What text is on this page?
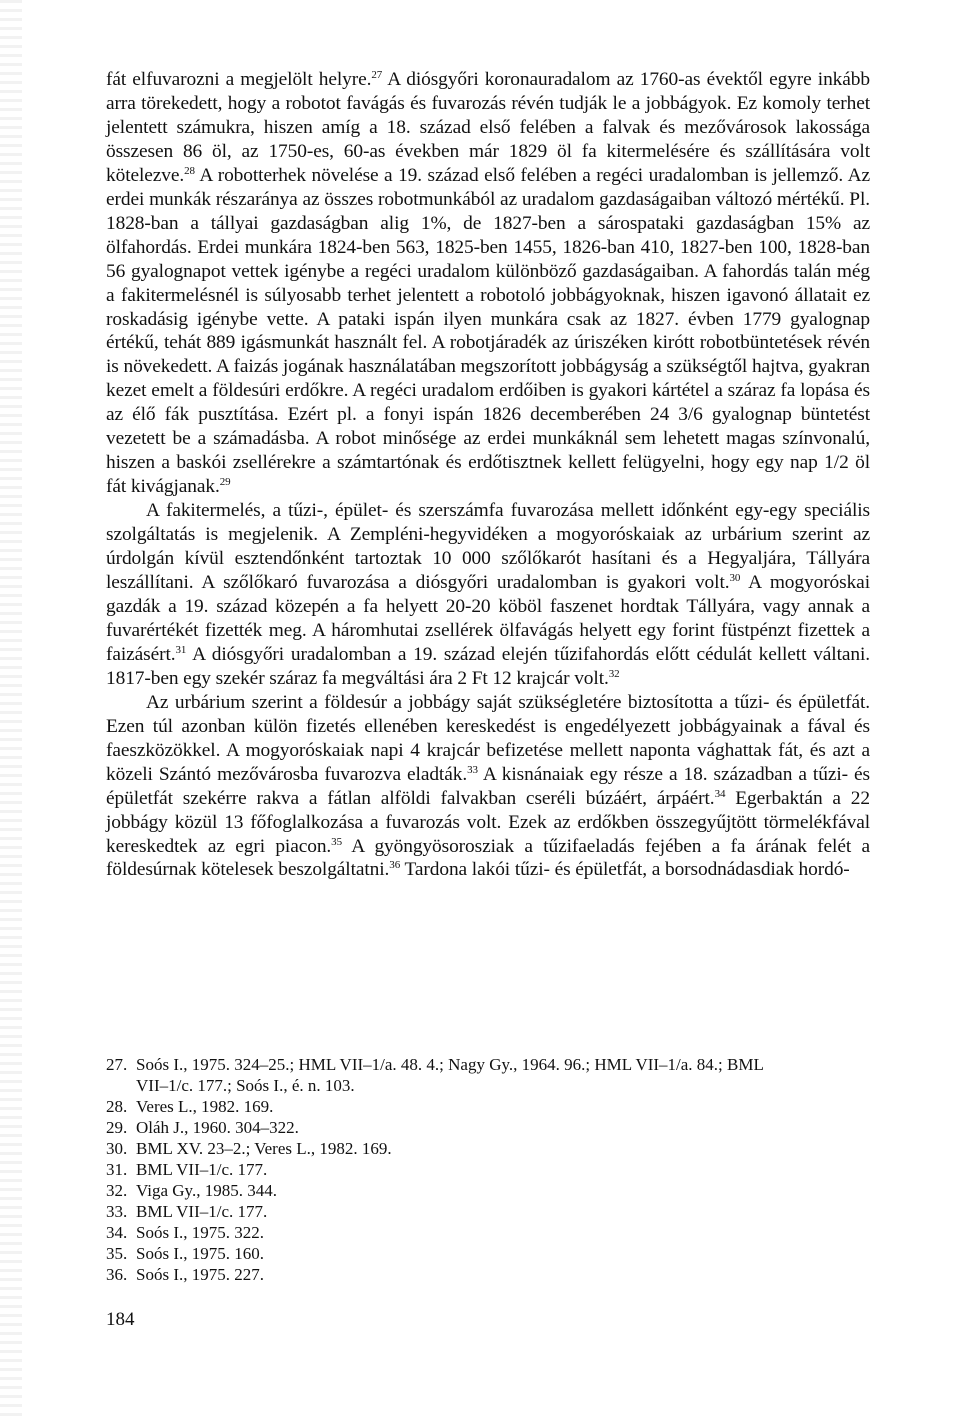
fát elfuvarozni a megjelölt helyre.$^{27}$ A diósgyőri koronauradalom az 1760-as évektől egyre inkább arra törekedett, hogy a robotot favágás és fuvarozás révén tudják le a jobbágyok. Ez komoly terhet jelentett számukra, hiszen amíg a 18. század első felében a falvak és mezővárosok lakossága összesen 86 öl, az 1750-es, 60-as években már 1829 öl fa kitermelésére és szállítására volt kötelezve.$^{28}$ A robotterhek növelése a 19. század első felében a regéci uradalomban is jellemző. Az erdei munkák részaránya az összes robotmunkából az uradalom gazdaságaiban változó mértékű. Pl. 1828-ban a tállyai gazdaságban alig 1%, de 1827-ben a sárospataki gazdaságban 15% az ölfahordás. Erdei munkára 1824-ben 563, 1825-ben 1455, 1826-ban 410, 1827-ben 100, 1828-ban 56 gyalognapot vettek igénybe a regéci uradalom különböző gazdaságaiban. A fahordás talán még a fakitermelésnél is súlyosabb terhet jelentett a robotoló jobbágyoknak, hiszen igavonó állatait ez roskadásig igénybe vette. A pataki ispán ilyen munkára csak az 1827. évben 1779 gyalognap értékű, tehát 889 igásmunkát használt fel. A robotjáradék az úriszéken kirótt robotbüntetések révén is növekedett. A faizás jogának használatában megszorított jobbágyság a szükségtől hajtva, gyakran kezet emelt a földesúri erdőkre. A regéci uradalom erdőiben is gyakori kártétel a száraz fa lopása és az élő fák pusztítása. Ezért pl. a fonyi ispán 1826 decemberében 24 3/6 gyalognap büntetést vezetett be a számadásba. A robot minősége az erdei munkáknál sem lehetett magas színvonalú, hiszen a baskói zsellérekre a számtartónak és erdőtisztnek kellett felügyelni, hogy egy nap 1/2 öl fát kivágjanak.$^{29}$

A fakitermelés, a tűzi-, épület- és szerszámfa fuvarozása mellett időnként egy-egy speciális szolgáltatás is megjelenik. A Zempléni-hegyvidéken a mogyoróskaiak az urbárium szerint az úrdolgán kívül esztendőnként tartoztak 10 000 szőlőkarót hasítani és a Hegyaljára, Tállyára leszállítani. A szőlőkaró fuvarozása a diósgyőri uradalomban is gyakori volt.$^{30}$ A mogyoróskai gazdák a 19. század közepén a fa helyett 20-20 köböl faszenet hordtak Tállyára, vagy annak a fuvarértékét fizették meg. A háromhutai zsellérek ölfavágás helyett egy forint füstpénzt fizettek a faizásért.$^{31}$ A diósgyőri uradalomban a 19. század elején tűzifahordás előtt cédulát kellett váltani. 1817-ben egy szekér száraz fa megváltási ára 2 Ft 12 krajcár volt.$^{32}$

Az urbárium szerint a földesúr a jobbágy saját szükségletére biztosította a tűzi- és épületfát. Ezen túl azonban külön fizetés ellenében kereskedést is engedélyezett jobbágyainak a fával és faeszközökkel. A mogyoróskaiak napi 4 krajcár befizetése mellett naponta vághattak fát, és azt a közeli Szántó mezővárosba fuvarozva eladták.$^{33}$ A kisnánaiak egy része a 18. században a tűzi- és épületfát szekérre rakva a fátlan alföldi falvakban cseréli búzáért, árpáért.$^{34}$ Egerbaktán a 22 jobbágy közül 13 főfoglalkozása a fuvarozás volt. Ezek az erdőkben összegyűjtött törmelékfával kereskedtek az egri piacon.$^{35}$ A gyöngyösorosziak a tűzifaeladás fejében a fa árának felét a földesúrnak kötelesek beszolgáltatni.$^{36}$ Tardona lakói tűzi- és épületfát, a borsodnádasdiak hordó-

27. Soós I., 1975. 324–25.; HML VII–1/a. 48. 4.; Nagy Gy., 1964. 96.; HML VII–1/a. 84.; BML
VII–1/c. 177.; Soós I., é. n. 103.
28. Veres L., 1982. 169.
29. Oláh J., 1960. 304–322.
30. BML XV. 23–2.; Veres L., 1982. 169.
31. BML VII–1/c. 177.
32. Viga Gy., 1985. 344.
33. BML VII–1/c. 177.
34. Soós I., 1975. 322.
35. Soós I., 1975. 160.
36. Soós I., 1975. 227.
184
